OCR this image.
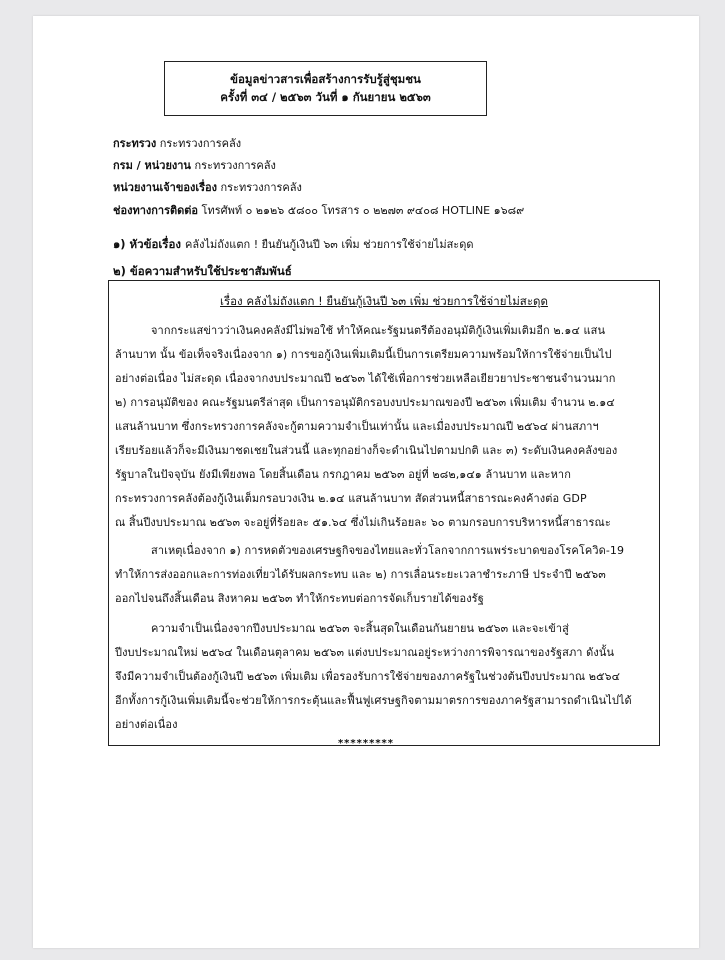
ข้อมูลข่าวสารเพื่อสร้างการรับรู้สู่ชุมชน
ครั้งที่ ๓๔ / ๒๕๖๓ วันที่ ๑ กันยายน ๒๕๖๓
กระทรวง กระทรวงการคลัง
กรม / หน่วยงาน กระทรวงการคลัง
หน่วยงานเจ้าของเรื่อง กระทรวงการคลัง
ช่องทางการติดต่อ โทรศัพท์ ๐ ๒๑๒๖ ๕๘๐๐ โทรสาร ๐ ๒๒๗๓ ๙๔๐๘ HOTLINE ๑๖๘๙
๑) หัวข้อเรื่อง คลังไม่ถังแตก ! ยืนยันกู้เงินปี ๖๓ เพิ่ม ช่วยการใช้จ่ายไม่สะดุด
๒) ข้อความสำหรับใช้ประชาสัมพันธ์
เรื่อง คลังไม่ถังแตก ! ยืนยันกู้เงินปี ๖๓ เพิ่ม ช่วยการใช้จ่ายไม่สะดุด
จากกระแสข่าวว่าเงินคงคลังมีไม่พอใช้ ทำให้คณะรัฐมนตรีต้องอนุมัติกู้เงินเพิ่มเติมอีก ๒.๑๔ แสน
ล้านบาท นั้น ข้อเท็จจริงเนื่องจาก ๑) การขอกู้เงินเพิ่มเติมนี้เป็นการเตรียมความพร้อมให้การใช้จ่ายเป็นไป
อย่างต่อเนื่อง ไม่สะดุด เนื่องจากงบประมาณปี ๒๕๖๓ ได้ใช้เพื่อการช่วยเหลือเยียวยาประชาชนจำนวนมาก
๒) การอนุมัติของ คณะรัฐมนตรีล่าสุด เป็นการอนุมัติกรอบงบประมาณของปี ๒๕๖๓ เพิ่มเติม จำนวน ๒.๑๔
แสนล้านบาท ซึ่งกระทรวงการคลังจะกู้ตามความจำเป็นเท่านั้น และเมื่องบประมาณปี ๒๕๖๔ ผ่านสภาฯ
เรียบร้อยแล้วก็จะมีเงินมาชดเชยในส่วนนี้ และทุกอย่างก็จะดำเนินไปตามปกติ และ ๓) ระดับเงินคงคลังของ
รัฐบาลในปัจจุบัน ยังมีเพียงพอ โดยสิ้นเดือน กรกฎาคม ๒๕๖๓ อยู่ที่ ๒๘๒,๑๔๑ ล้านบาท และหาก
กระทรวงการคลังต้องกู้เงินเต็มกรอบวงเงิน ๒.๑๔ แสนล้านบาท สัดส่วนหนี้สาธารณะคงค้างต่อ GDP
ณ สิ้นปีงบประมาณ ๒๕๖๓ จะอยู่ที่ร้อยละ ๕๑.๖๔ ซึ่งไม่เกินร้อยละ ๖๐ ตามกรอบการบริหารหนี้สาธารณะ
สาเหตุเนื่องจาก ๑) การหดตัวของเศรษฐกิจของไทยและทั่วโลกจากการแพร่ระบาดของโรคโควิด-19
ทำให้การส่งออกและการท่องเที่ยวได้รับผลกระทบ และ ๒) การเลื่อนระยะเวลาชำระภาษี ประจำปี ๒๕๖๓
ออกไปจนถึงสิ้นเดือน สิงหาคม ๒๕๖๓ ทำให้กระทบต่อการจัดเก็บรายได้ของรัฐ
ความจำเป็นเนื่องจากปีงบประมาณ ๒๕๖๓ จะสิ้นสุดในเดือนกันยายน ๒๕๖๓ และจะเข้าสู่
ปีงบประมาณใหม่ ๒๕๖๔ ในเดือนตุลาคม ๒๕๖๓ แต่งบประมาณอยู่ระหว่างการพิจารณาของรัฐสภา ดังนั้น
จึงมีความจำเป็นต้องกู้เงินปี ๒๕๖๓ เพิ่มเติม เพื่อรองรับการใช้จ่ายของภาครัฐในช่วงต้นปีงบประมาณ ๒๕๖๔
อีกทั้งการกู้เงินเพิ่มเติมนี้จะช่วยให้การกระตุ้นและฟื้นฟูเศรษฐกิจตามมาตรการของภาครัฐสามารถดำเนินไปได้
อย่างต่อเนื่อง
*********
